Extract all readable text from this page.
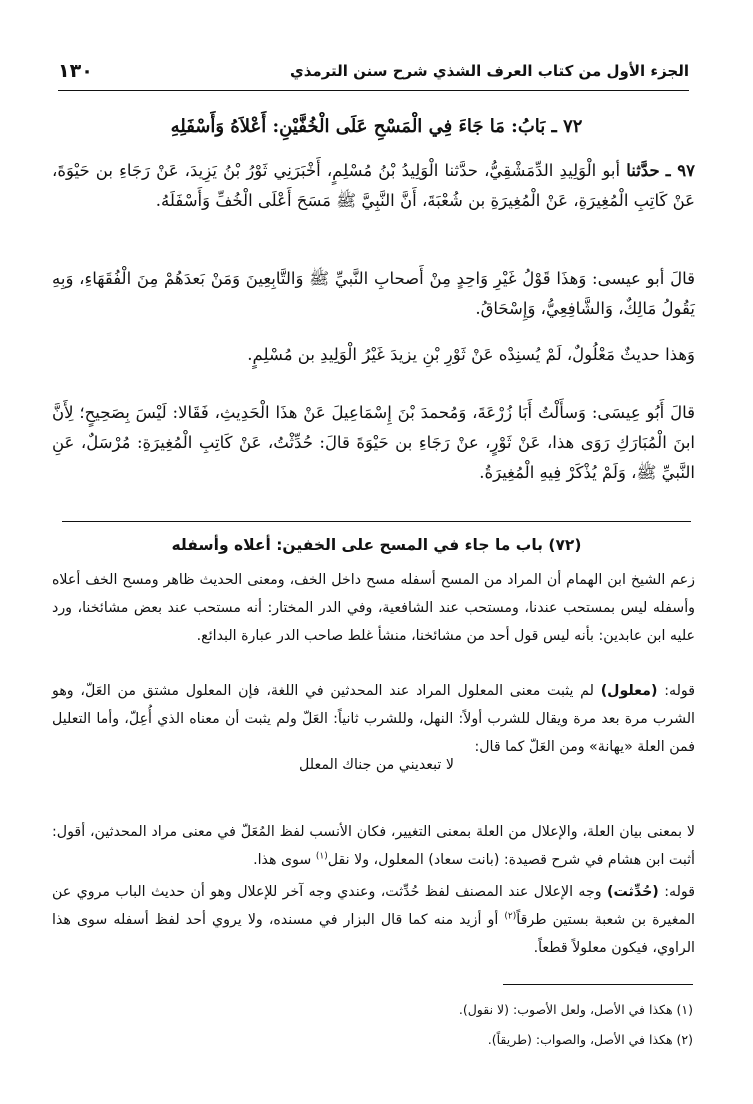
الجزء الأول من كتاب العرف الشذي شرح سنن الترمذي
١٣٠
٧٢ ـ بَابُ: مَا جَاءَ فِي الْمَسْحِ عَلَى الْخُفَّيْنِ: أَعْلاَهُ وَأَسْفَلِهِ
٩٧ ـ حدَّثنا أبو الْوَلِيدِ الدِّمَشْقِيُّ، حدَّثنا الْوَلِيدُ بْنُ مُسْلِمٍ، أَخْبَرَنِي ثَوْرُ بْنُ يَزِيدَ، عَنْ رَجَاءِ بن حَيْوَةَ، عَنْ كَاتِبِ الْمُغِيرَةِ، عَنْ الْمُغِيرَةِ بن شُعْبَةَ، أَنَّ النَّبِيَّ ﷺ مَسَحَ أَعْلَى الْخُفِّ وَأَسْفَلَهُ.
قالَ أبو عيسى: وَهذَا قَوْلُ غَيْرِ وَاحِدٍ مِنْ أَصحابِ النَّبيِّ ﷺ وَالتَّابِعِينَ وَمَنْ بَعدَهُمْ مِنَ الْفُقَهَاءِ، وَبِهِ يَقُولُ مَالِكٌ، وَالشَّافِعِيُّ، وَإِسْحَاقُ.
وَهذا حديثٌ مَعْلُولٌ، لَمْ يُسنِدْه عَنْ ثَوْرِ بْنِ يزيدَ غَيْرُ الْوَلِيدِ بن مُسْلِمٍ.
قالَ أَبُو عِيسَى: وَسأَلْتُ أَبَا زُرْعَةَ، وَمُحمدَ بْنَ إِسْمَاعِيلَ عَنْ هذَا الْحَدِيثِ، فَقَالا: لَيْسَ بِصَحِيحٍ؛ لِأَنَّ ابنَ الْمُبَارَكِ رَوَى هذا، عَنْ ثَوْرٍ، عنْ رَجَاءِ بن حَيْوَةَ قالَ: حُدِّثْتُ، عَنْ كَاتِبِ الْمُغِيرَةِ: مُرْسَلٌ، عَنِ النَّبيِّ ﷺ، وَلَمْ يُذْكَرْ فِيهِ الْمُغِيرَةُ.
(٧٢) باب ما جاء في المسح على الخفين: أعلاه وأسفله
زعم الشيخ ابن الهمام أن المراد من المسح أسفله مسح داخل الخف، ومعنى الحديث ظاهر ومسح الخف أعلاه وأسفله ليس بمستحب عندنا، ومستحب عند الشافعية، وفي الدر المختار: أنه مستحب عند بعض مشائخنا، ورد عليه ابن عابدين: بأنه ليس قول أحد من مشائخنا، منشأ غلط صاحب الدر عبارة البدائع.
قوله: (معلول) لم يثبت معنى المعلول المراد عند المحدثين في اللغة، فإن المعلول مشتق من العَلّ، وهو الشرب مرة بعد مرة ويقال للشرب أولاً: النهل، وللشرب ثانياً: العَلّ ولم يثبت أن معناه الذي أُعِلّ، وأما التعليل فمن العلة «يهانة» ومن العَلّ كما قال:
لا تبعديني من جناك المعلل
لا بمعنى بيان العلة، والإعلال من العلة بمعنى التغيير، فكان الأنسب لفظ المُعَلّ في معنى مراد المحدثين، أقول: أثبت ابن هشام في شرح قصيدة: (بانت سعاد) المعلول، ولا نقل$^{(١)}$ سوى هذا.
قوله: (حُدِّثت) وجه الإعلال عند المصنف لفظ حُدِّثت، وعندي وجه آخر للإعلال وهو أن حديث الباب مروي عن المغيرة بن شعبة بستين طرقاً$^{(٢)}$ أو أزيد منه كما قال البزار في مسنده، ولا يروي أحد لفظ أسفله سوى هذا الراوي، فيكون معلولاً قطعاً.
(١) هكذا في الأصل، ولعل الأصوب: (لا نقول).
(٢) هكذا في الأصل، والصواب: (طريقاً).
